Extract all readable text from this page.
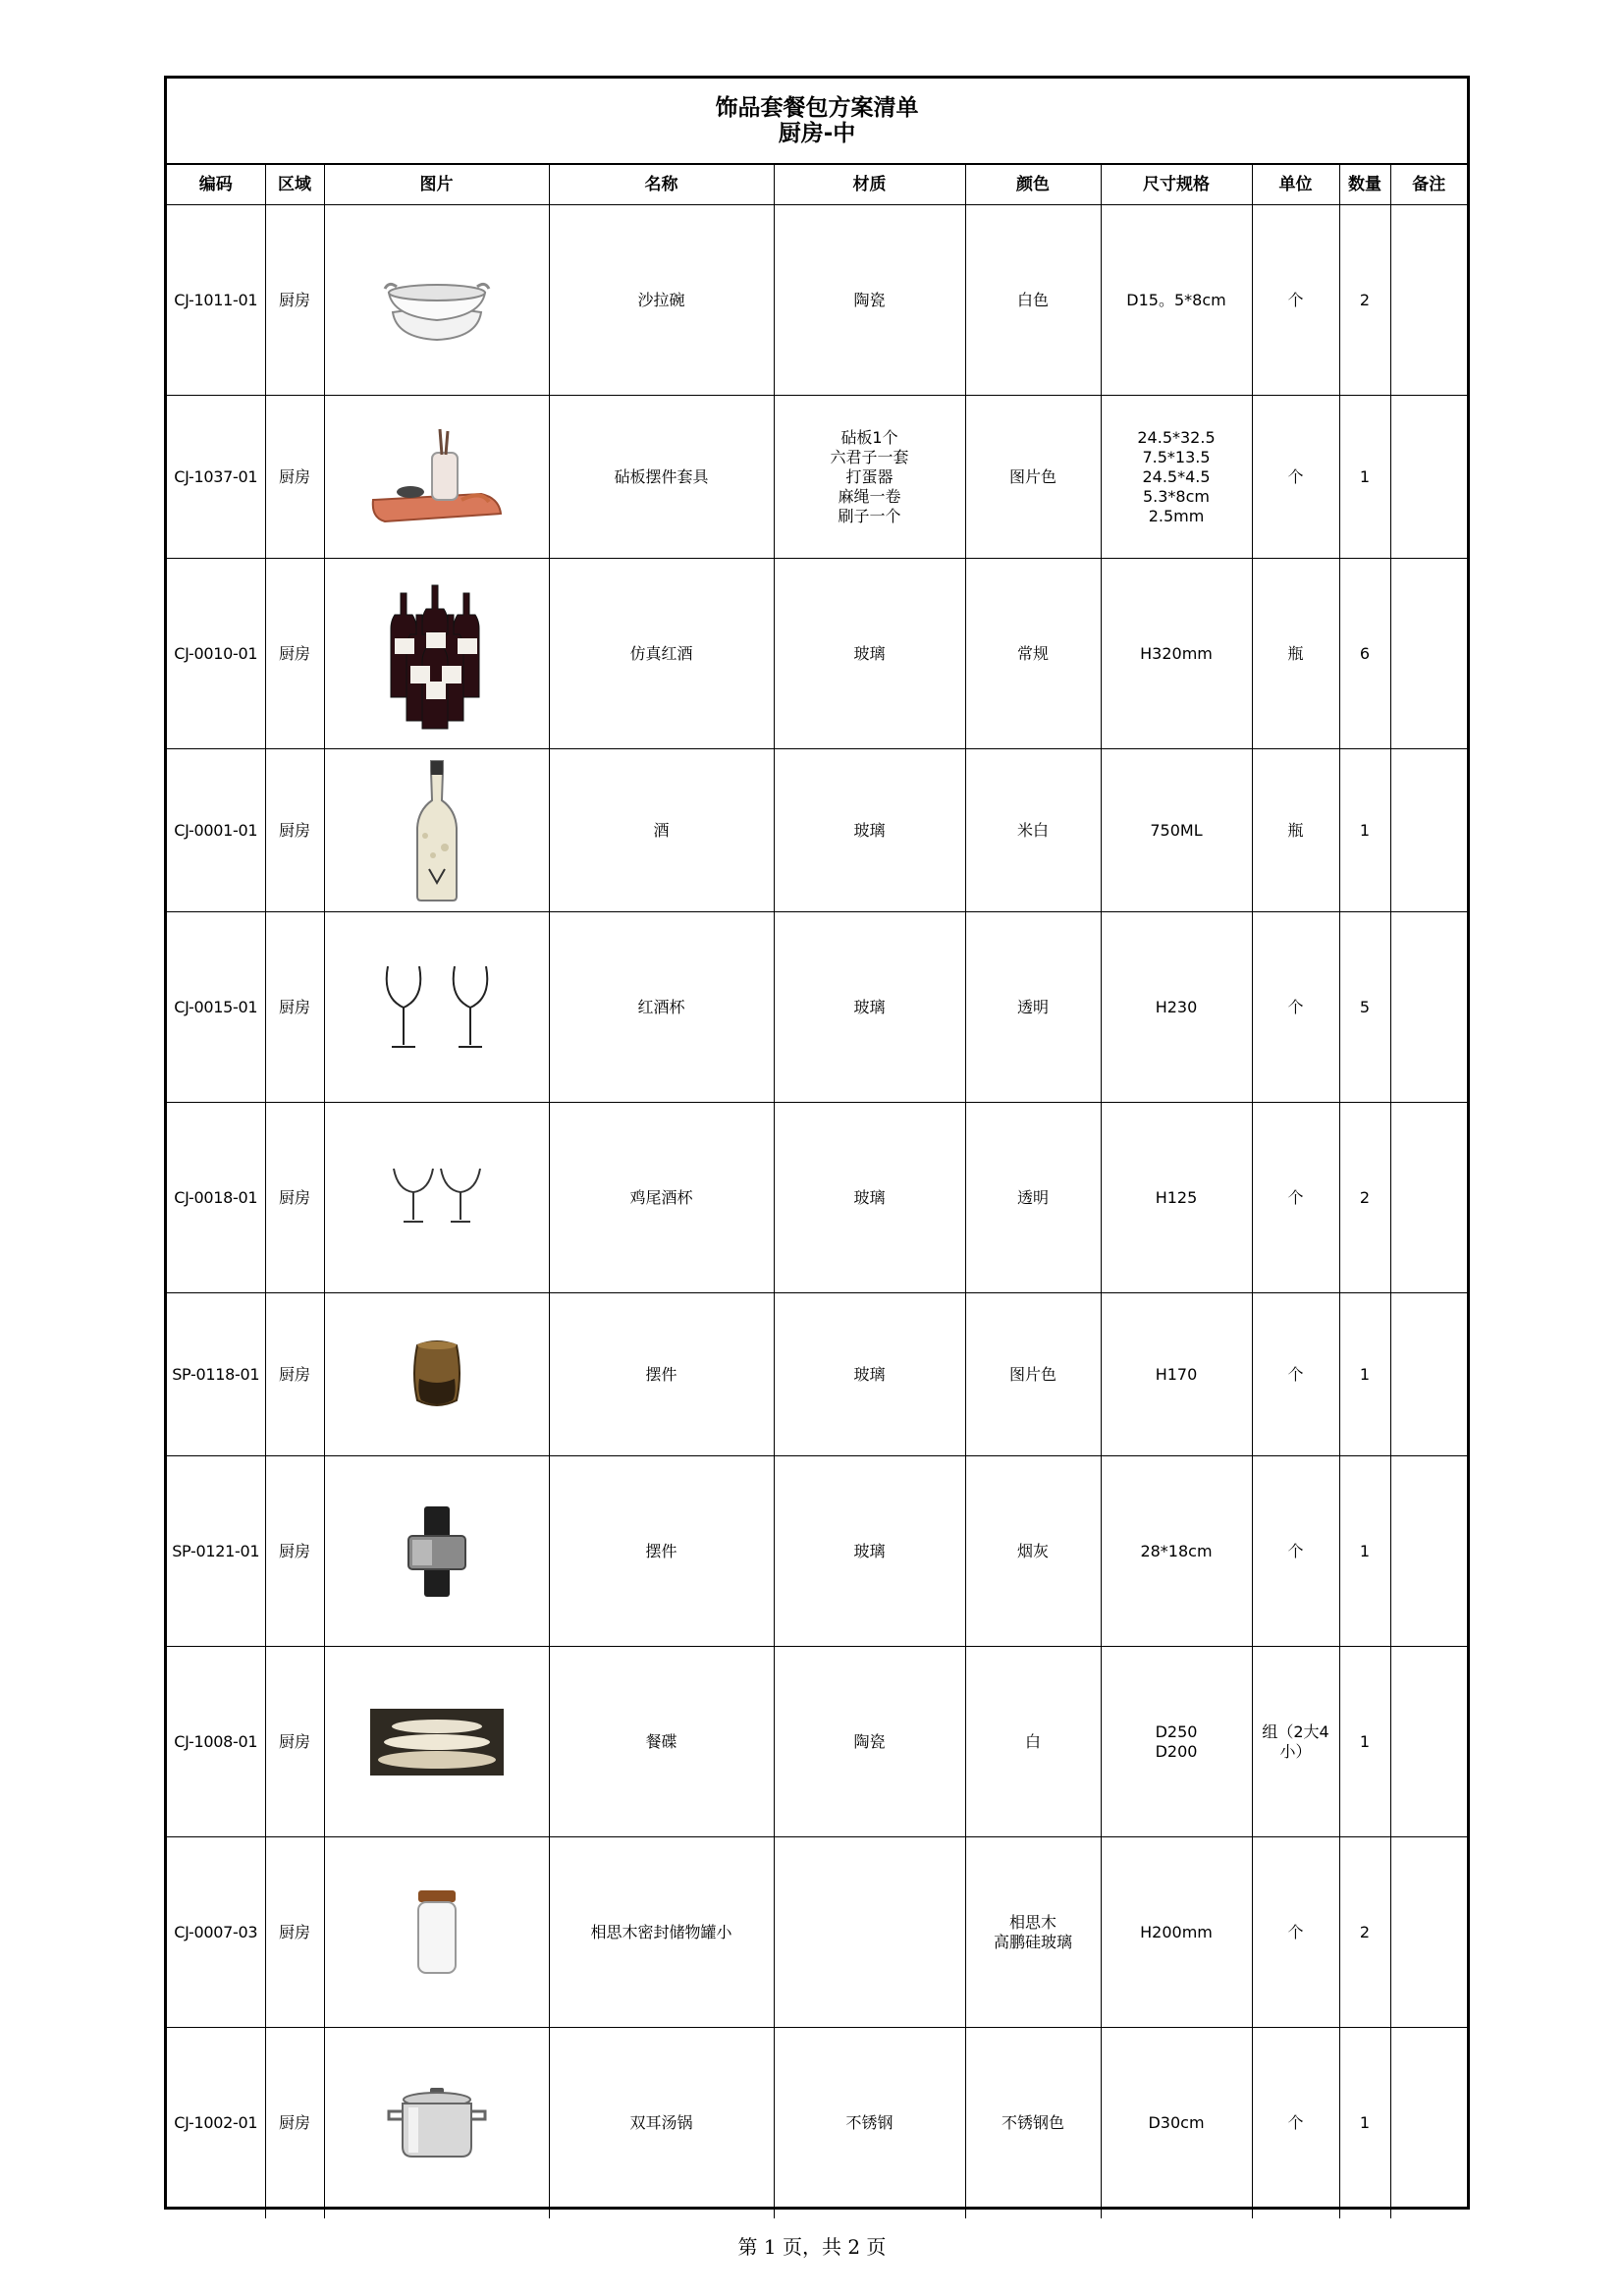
饰品套餐包方案清单
厨房-中
编码	区域	图片	名称	材质	颜色	尺寸规格	单位	数量	备注
CJ-1011-01	厨房		沙拉碗	陶瓷	白色	D15。5*8cm	个	2	
CJ-1037-01	厨房		砧板摆件套具	砧板1个
六君子一套
打蛋器
麻绳一卷
刷子一个	图片色	24.5*32.5
7.5*13.5
24.5*4.5
5.3*8cm
2.5mm	个	1	
CJ-0010-01	厨房		仿真红酒	玻璃	常规	H320mm	瓶	6	
CJ-0001-01	厨房		酒	玻璃	米白	750ML	瓶	1	
CJ-0015-01	厨房		红酒杯	玻璃	透明	H230	个	5	
CJ-0018-01	厨房		鸡尾酒杯	玻璃	透明	H125	个	2	
SP-0118-01	厨房		摆件	玻璃	图片色	H170	个	1	
SP-0121-01	厨房		摆件	玻璃	烟灰	28*18cm	个	1	
CJ-1008-01	厨房		餐碟	陶瓷	白	D250
D200	组（2大4小）	1	
CJ-0007-03	厨房		相思木密封储物罐小		相思木
高鹏硅玻璃	H200mm	个	2	
CJ-1002-01	厨房		双耳汤锅	不锈钢	不锈钢色	D30cm	个	1	
第 1 页，共 2 页
